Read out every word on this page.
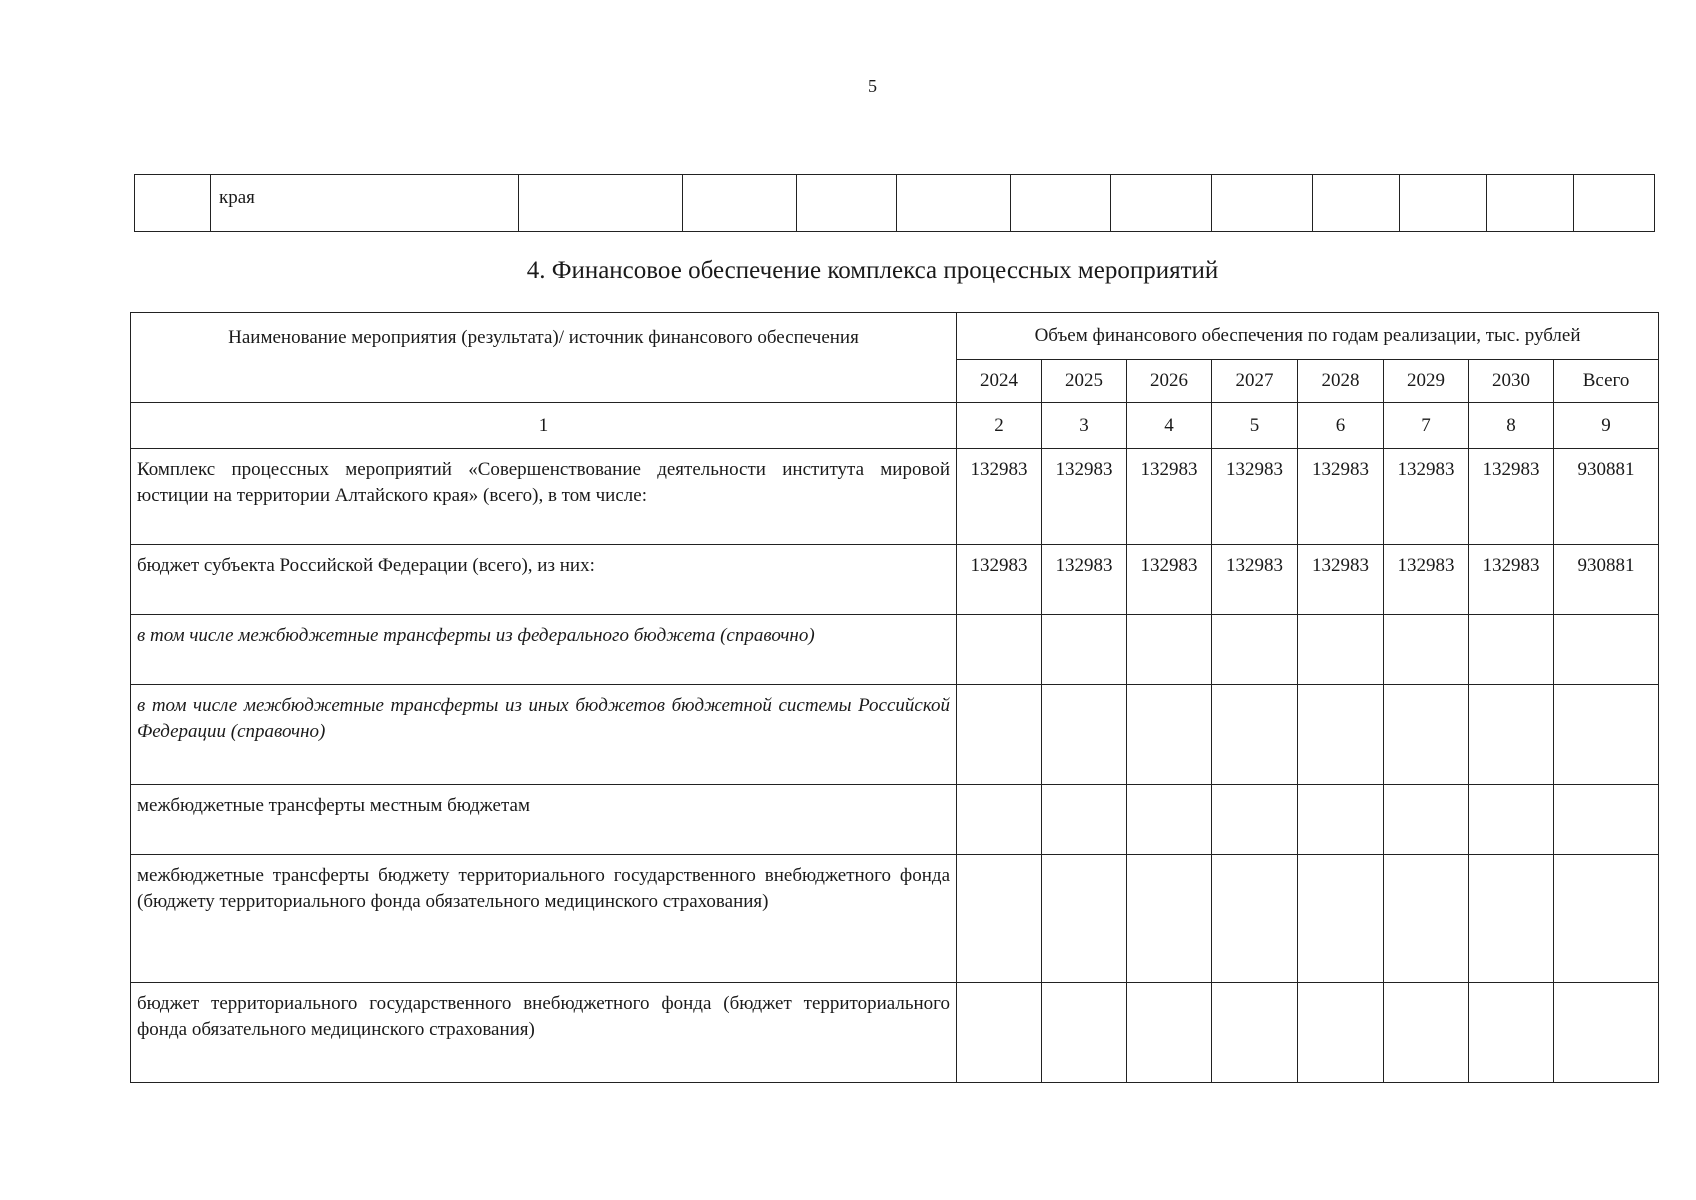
5
	края											
4. Финансовое обеспечение комплекса процессных мероприятий
Наименование мероприятия (результата)/ источник финансового обеспечения	Объем финансового обеспечения по годам реализации, тыс. рублей							
	2024	2025	2026	2027	2028	2029	2030	Всего
1	2	3	4	5	6	7	8	9
Комплекс процессных мероприятий «Совершенствование деятельности института мировой юстиции на территории Алтайского края» (всего), в том числе:	132983	132983	132983	132983	132983	132983	132983	930881
бюджет субъекта Российской Федерации (всего), из них:	132983	132983	132983	132983	132983	132983	132983	930881
в том числе межбюджетные трансферты из федерального бюджета (справочно)								
в том числе межбюджетные трансферты из иных бюджетов бюджетной системы Российской Федерации (справочно)								
межбюджетные трансферты местным бюджетам								
межбюджетные трансферты бюджету территориального государственного внебюджетного фонда (бюджету территориального фонда обязательного медицинского страхования)								
бюджет территориального государственного внебюджетного фонда (бюджет территориального фонда обязательного медицинского страхования)								
